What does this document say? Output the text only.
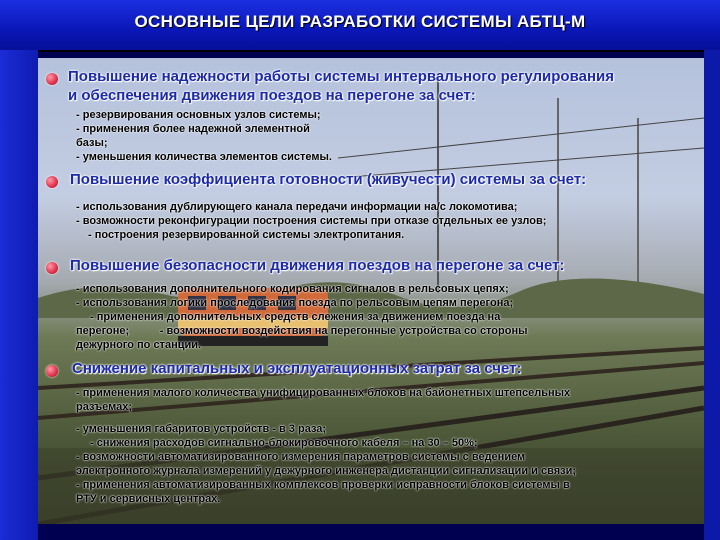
ОСНОВНЫЕ ЦЕЛИ РАЗРАБОТКИ СИСТЕМЫ АБТЦ-М
Повышение надежности работы системы интервального регулирования
и обеспечения движения поездов на перегоне за счет:
- резервирования основных узлов системы;
- применения более надежной элементной
базы;
- уменьшения количества элементов системы.
Повышение коэффициента готовности (живучести) системы за счет:
- использования дублирующего канала передачи информации на/с локомотива;
- возможности реконфигурации построения системы при отказе отдельных ее узлов;
- построения резервированной системы электропитания.
Повышение безопасности движения поездов на перегоне за счет:
- использования дополнительного кодирования сигналов в рельсовых цепях;
- использования логики проследования поезда по рельсовым цепям перегона;
- применения дополнительных средств слежения за движением поезда на
перегоне;          - возможности воздействия на перегонные устройства со стороны
дежурного по станции.
Снижение капитальных и эксплуатационных затрат за счет:
- применения малого количества унифицированных блоков на байонетных штепсельных
разъемах;
- уменьшения габаритов устройств - в 3 раза;
- снижения расходов сигнально-блокировочного кабеля – на 30 – 50%;
- возможности автоматизированного измерения параметров системы с ведением
электронного журнала измерений у дежурного инженера дистанции сигнализации и связи;
- применения автоматизированных комплексов проверки исправности блоков системы в
РТУ и сервисных центрах.
